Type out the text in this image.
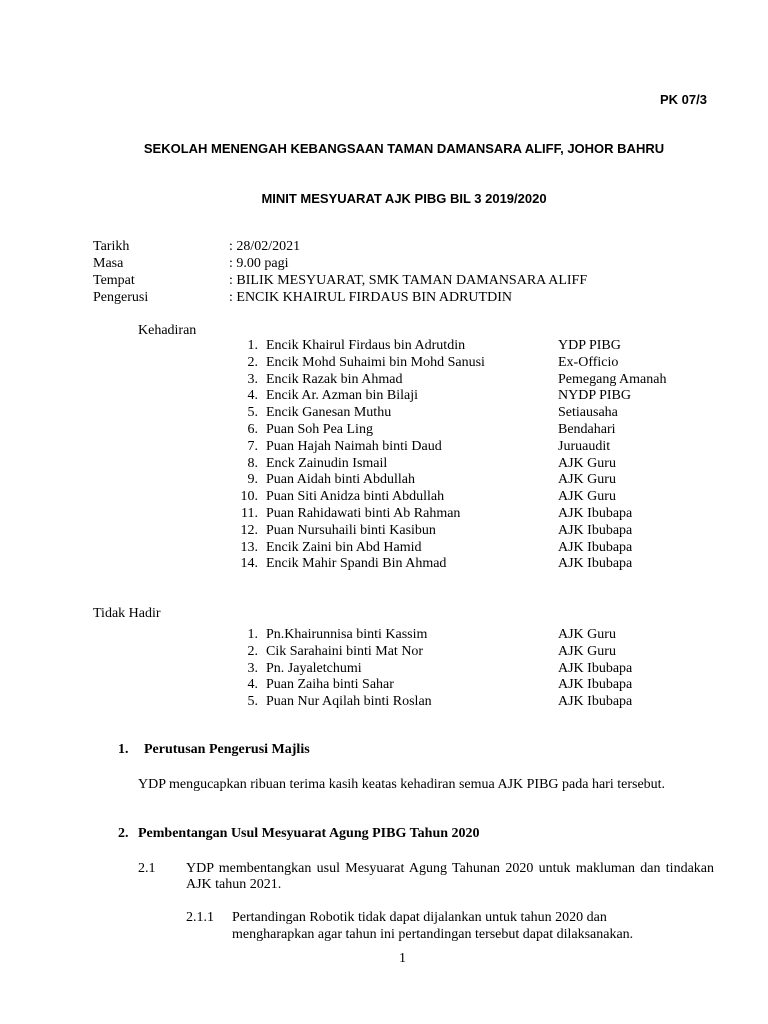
PK 07/3
SEKOLAH MENENGAH KEBANGSAAN TAMAN DAMANSARA ALIFF, JOHOR BAHRU
MINIT MESYUARAT AJK PIBG BIL 3 2019/2020
Tarikh	: 28/02/2021
Masa	: 9.00 pagi
Tempat	: BILIK MESYUARAT, SMK TAMAN DAMANSARA ALIFF
Pengerusi	: ENCIK KHAIRUL FIRDAUS BIN ADRUTDIN
Kehadiran
1. Encik Khairul Firdaus bin Adrutdin	YDP PIBG
2. Encik Mohd Suhaimi bin Mohd Sanusi	Ex-Officio
3. Encik Razak bin Ahmad	Pemegang Amanah
4. Encik Ar. Azman bin Bilaji	NYDP PIBG
5. Encik Ganesan Muthu	Setiausaha
6. Puan Soh Pea Ling	Bendahari
7. Puan Hajah Naimah binti Daud	Juruaudit
8. Enck Zainudin Ismail	AJK Guru
9. Puan Aidah binti Abdullah	AJK Guru
10. Puan Siti Anidza binti Abdullah	AJK Guru
11. Puan Rahidawati binti Ab Rahman	AJK Ibubapa
12. Puan Nursuhaili binti Kasibun	AJK Ibubapa
13. Encik Zaini bin Abd Hamid	AJK Ibubapa
14. Encik Mahir Spandi Bin Ahmad	AJK Ibubapa
Tidak Hadir
1. Pn.Khairunnisa binti Kassim	AJK Guru
2. Cik Sarahaini binti Mat Nor	AJK Guru
3. Pn. Jayaletchumi	AJK Ibubapa
4. Puan Zaiha binti Sahar	AJK Ibubapa
5. Puan Nur Aqilah binti Roslan	AJK Ibubapa
1. Perutusan Pengerusi Majlis
YDP mengucapkan ribuan terima kasih keatas kehadiran semua AJK PIBG pada hari tersebut.
2. Pembentangan Usul Mesyuarat Agung PIBG Tahun 2020
2.1 YDP membentangkan usul Mesyuarat Agung Tahunan 2020 untuk makluman dan tindakan AJK tahun 2021.
2.1.1 Pertandingan Robotik tidak dapat dijalankan untuk tahun 2020 dan
mengharapkan agar tahun ini pertandingan tersebut dapat dilaksanakan.
1
